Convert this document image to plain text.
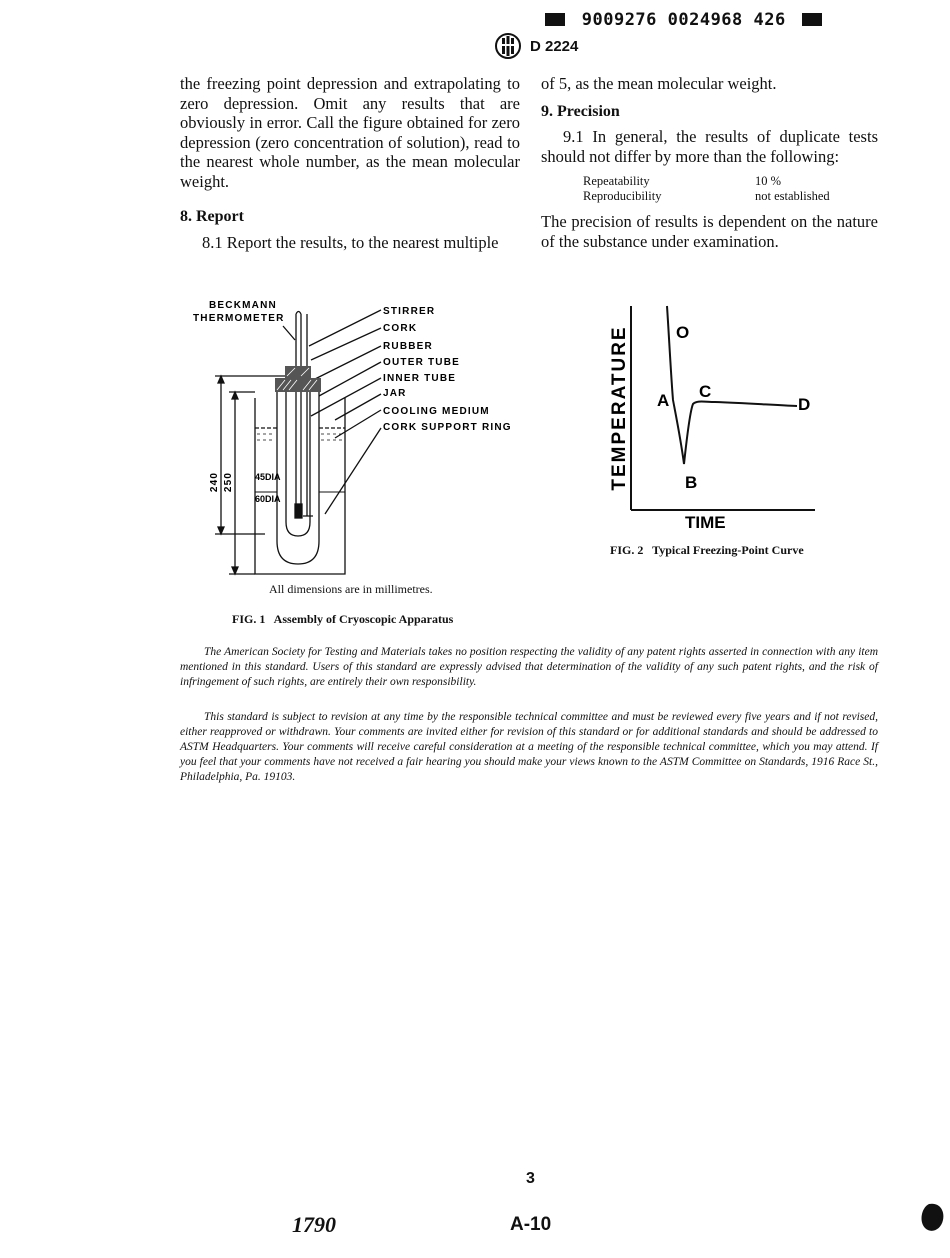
9009276 0024968 426
D 2224

the freezing point depression and extrapolating to zero depression. Omit any results that are obviously in error. Call the figure obtained for zero depression (zero concentration of solution), read to the nearest whole number, as the mean molecular weight.

8. Report

8.1 Report the results, to the nearest multiple

of 5, as the mean molecular weight.

9. Precision

9.1 In general, the results of duplicate tests should not differ by more than the following:

Repeatability	10 %
Reproducibility	not established

The precision of results is dependent on the nature of the substance under examination.

BECKMANN
THERMOMETER
STIRRER
CORK
RUBBER
OUTER TUBE
INNER TUBE
JAR
COOLING MEDIUM
CORK SUPPORT RING
240 250 45DIA
60DIA
All dimensions are in millimetres.
FIG. 1   Assembly of Cryoscopic Apparatus
TEMPERATURE
TIME
O
A C
D
B
FIG. 2   Typical Freezing-Point Curve

The American Society for Testing and Materials takes no position respecting the validity of any patent rights asserted in connection with any item mentioned in this standard. Users of this standard are expressly advised that determination of the validity of any such patent rights, and the risk of infringement of such rights, are entirely their own responsibility.

This standard is subject to revision at any time by the responsible technical committee and must be reviewed every five years and if not revised, either reapproved or withdrawn. Your comments are invited either for revision of this standard or for additional standards and should be addressed to ASTM Headquarters. Your comments will receive careful consideration at a meeting of the responsible technical committee, which you may attend. If you feel that your comments have not received a fair hearing you should make your views known to the ASTM Committee on Standards, 1916 Race St., Philadelphia, Pa. 19103.

3
1790	A-10
